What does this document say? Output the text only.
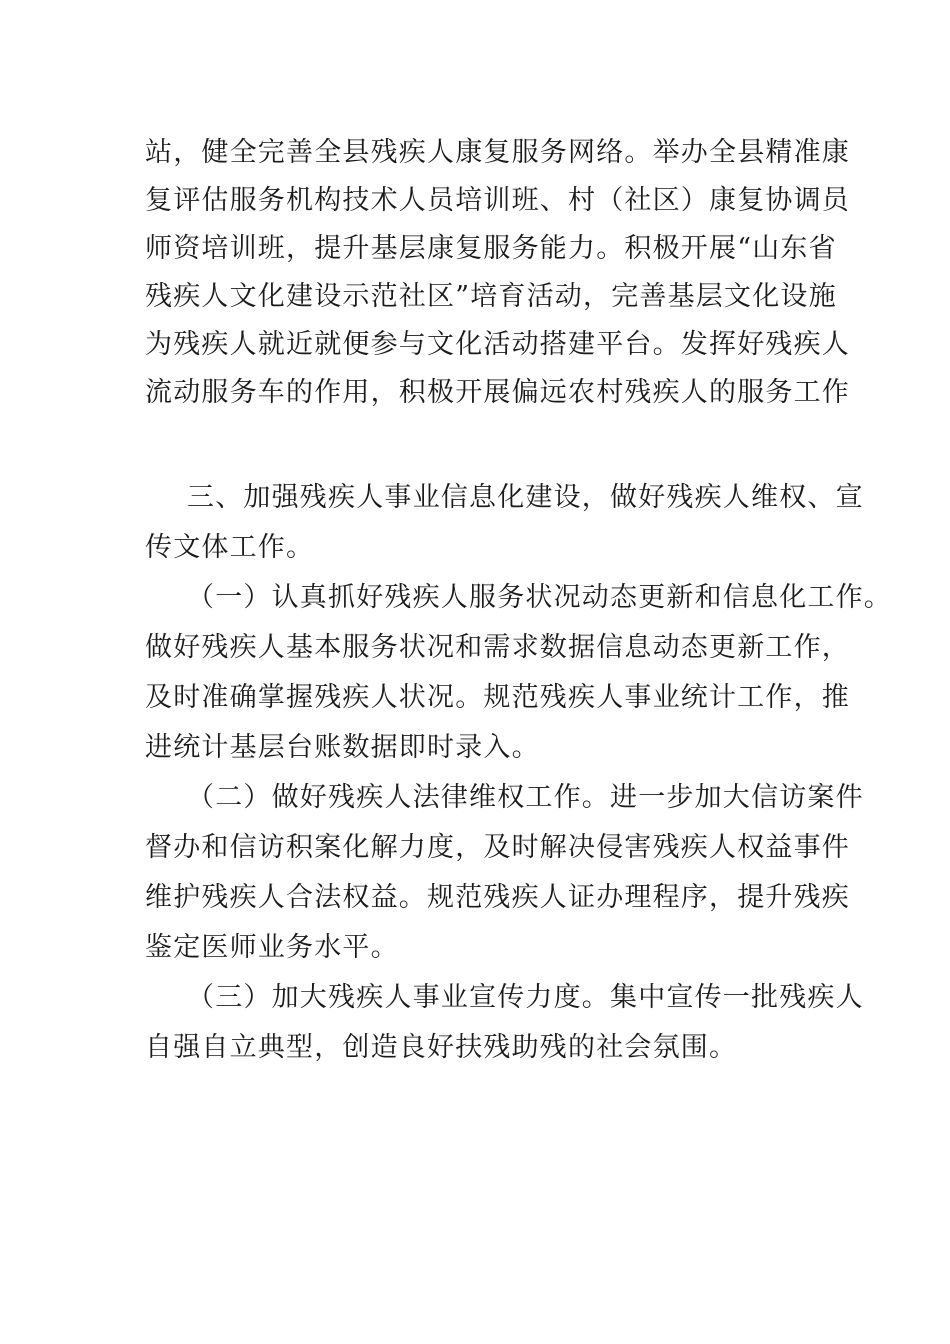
站，健全完善全县残疾人康复服务网络。举办全县精准康
复评估服务机构技术人员培训班、村（社区）康复协调员
师资培训班，提升基层康复服务能力。积极开展“山东省
残疾人文化建设示范社区”培育活动，完善基层文化设施
为残疾人就近就便参与文化活动搭建平台。发挥好残疾人
流动服务车的作用，积极开展偏远农村残疾人的服务工作
三、加强残疾人事业信息化建设，做好残疾人维权、宣
传文体工作。
（一）认真抓好残疾人服务状况动态更新和信息化工作。
做好残疾人基本服务状况和需求数据信息动态更新工作，
及时准确掌握残疾人状况。规范残疾人事业统计工作，推
进统计基层台账数据即时录入。
（二）做好残疾人法律维权工作。进一步加大信访案件
督办和信访积案化解力度，及时解决侵害残疾人权益事件
维护残疾人合法权益。规范残疾人证办理程序，提升残疾
鉴定医师业务水平。
（三）加大残疾人事业宣传力度。集中宣传一批残疾人
自强自立典型，创造良好扶残助残的社会氛围。
